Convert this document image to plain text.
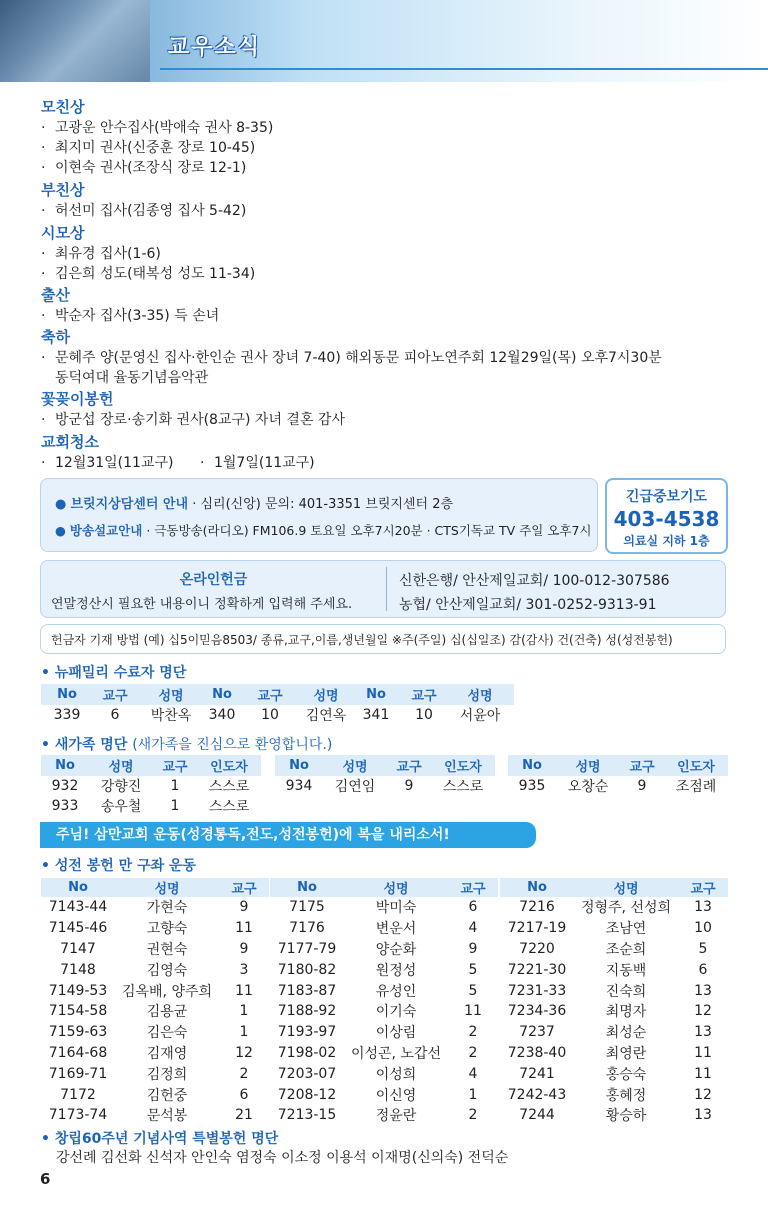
교우소식
모친상
· 고광운 안수집사(박애숙 권사 8-35)
· 최지미 권사(신중훈 장로 10-45)
· 이현숙 권사(조장식 장로 12-1)
부친상
· 허선미 집사(김종영 집사 5-42)
시모상
· 최유경 집사(1-6)
· 김은희 성도(태복성 성도 11-34)
출산
· 박순자 집사(3-35) 득 손녀
축하
· 문혜주 양(문영신 집사·한인순 권사 장녀 7-40) 해외동문 피아노연주회 12월29일(목) 오후7시30분
동덕여대 율동기념음악관
꽃꽂이봉헌
· 방군섭 장로·송기화 권사(8교구) 자녀 결혼 감사
교회청소
· 12월31일(11교구) · 1월7일(11교구)
● 브릿지상담센터 안내 · 심리(신앙) 문의: 401-3351 브릿지센터 2층
● 방송설교안내 · 극동방송(라디오) FM106.9 토요일 오후7시20분 · CTS기독교 TV 주일 오후7시
긴급중보기도
403-4538
의료실 지하 1층
온라인헌금
연말정산시 필요한 내용이니 정확하게 입력해 주세요.
신한은행/ 안산제일교회/ 100-012-307586
농협/ 안산제일교회/ 301-0252-9313-91
헌금자 기재 방법 (예) 십5이믿음8503/ 종류,교구,이름,생년월일 ※주(주일) 십(십일조) 감(감사) 건(건축) 성(성전봉헌)
• 뉴패밀리 수료자 명단
No	교구	성명
339	6	박찬옥
No	교구	성명
340	10	김연옥
No	교구	성명
341	10	서윤아
• 새가족 명단 (새가족을 진심으로 환영합니다.)
No	성명	교구	인도자
932	강향진	1	스스로
933	송우철	1	스스로
No	성명	교구	인도자
934	김연임	9	스스로
No	성명	교구	인도자
935	오창순	9	조점례
주님! 삼만교회 운동(성경통독,전도,성전봉헌)에 복을 내리소서!
• 성전 봉헌 만 구좌 운동
No	성명	교구
7143-44	가현숙	9
7145-46	고향숙	11
7147	권현숙	9
7148	김영숙	3
7149-53	김옥배, 양주희	11
7154-58	김용균	1
7159-63	김은숙	1
7164-68	김재영	12
7169-71	김정희	2
7172	김헌중	6
7173-74	문석봉	21
No	성명	교구
7175	박미숙	6
7176	변운서	4
7177-79	양순화	9
7180-82	원정성	5
7183-87	유성인	5
7188-92	이기숙	11
7193-97	이상림	2
7198-02	이성곤, 노갑선	2
7203-07	이성희	4
7208-12	이신영	1
7213-15	정윤란	2
No	성명	교구
7216	정형주, 선성희	13
7217-19	조남연	10
7220	조순희	5
7221-30	지동백	6
7231-33	진숙희	13
7234-36	최명자	12
7237	최성순	13
7238-40	최영란	11
7241	홍승숙	11
7242-43	홍혜정	12
7244	황승하	13
• 창립60주년 기념사역 특별봉헌 명단
강선례 김선화 신석자 안인숙 염정숙 이소정 이용석 이재명(신의숙) 전덕순
6
